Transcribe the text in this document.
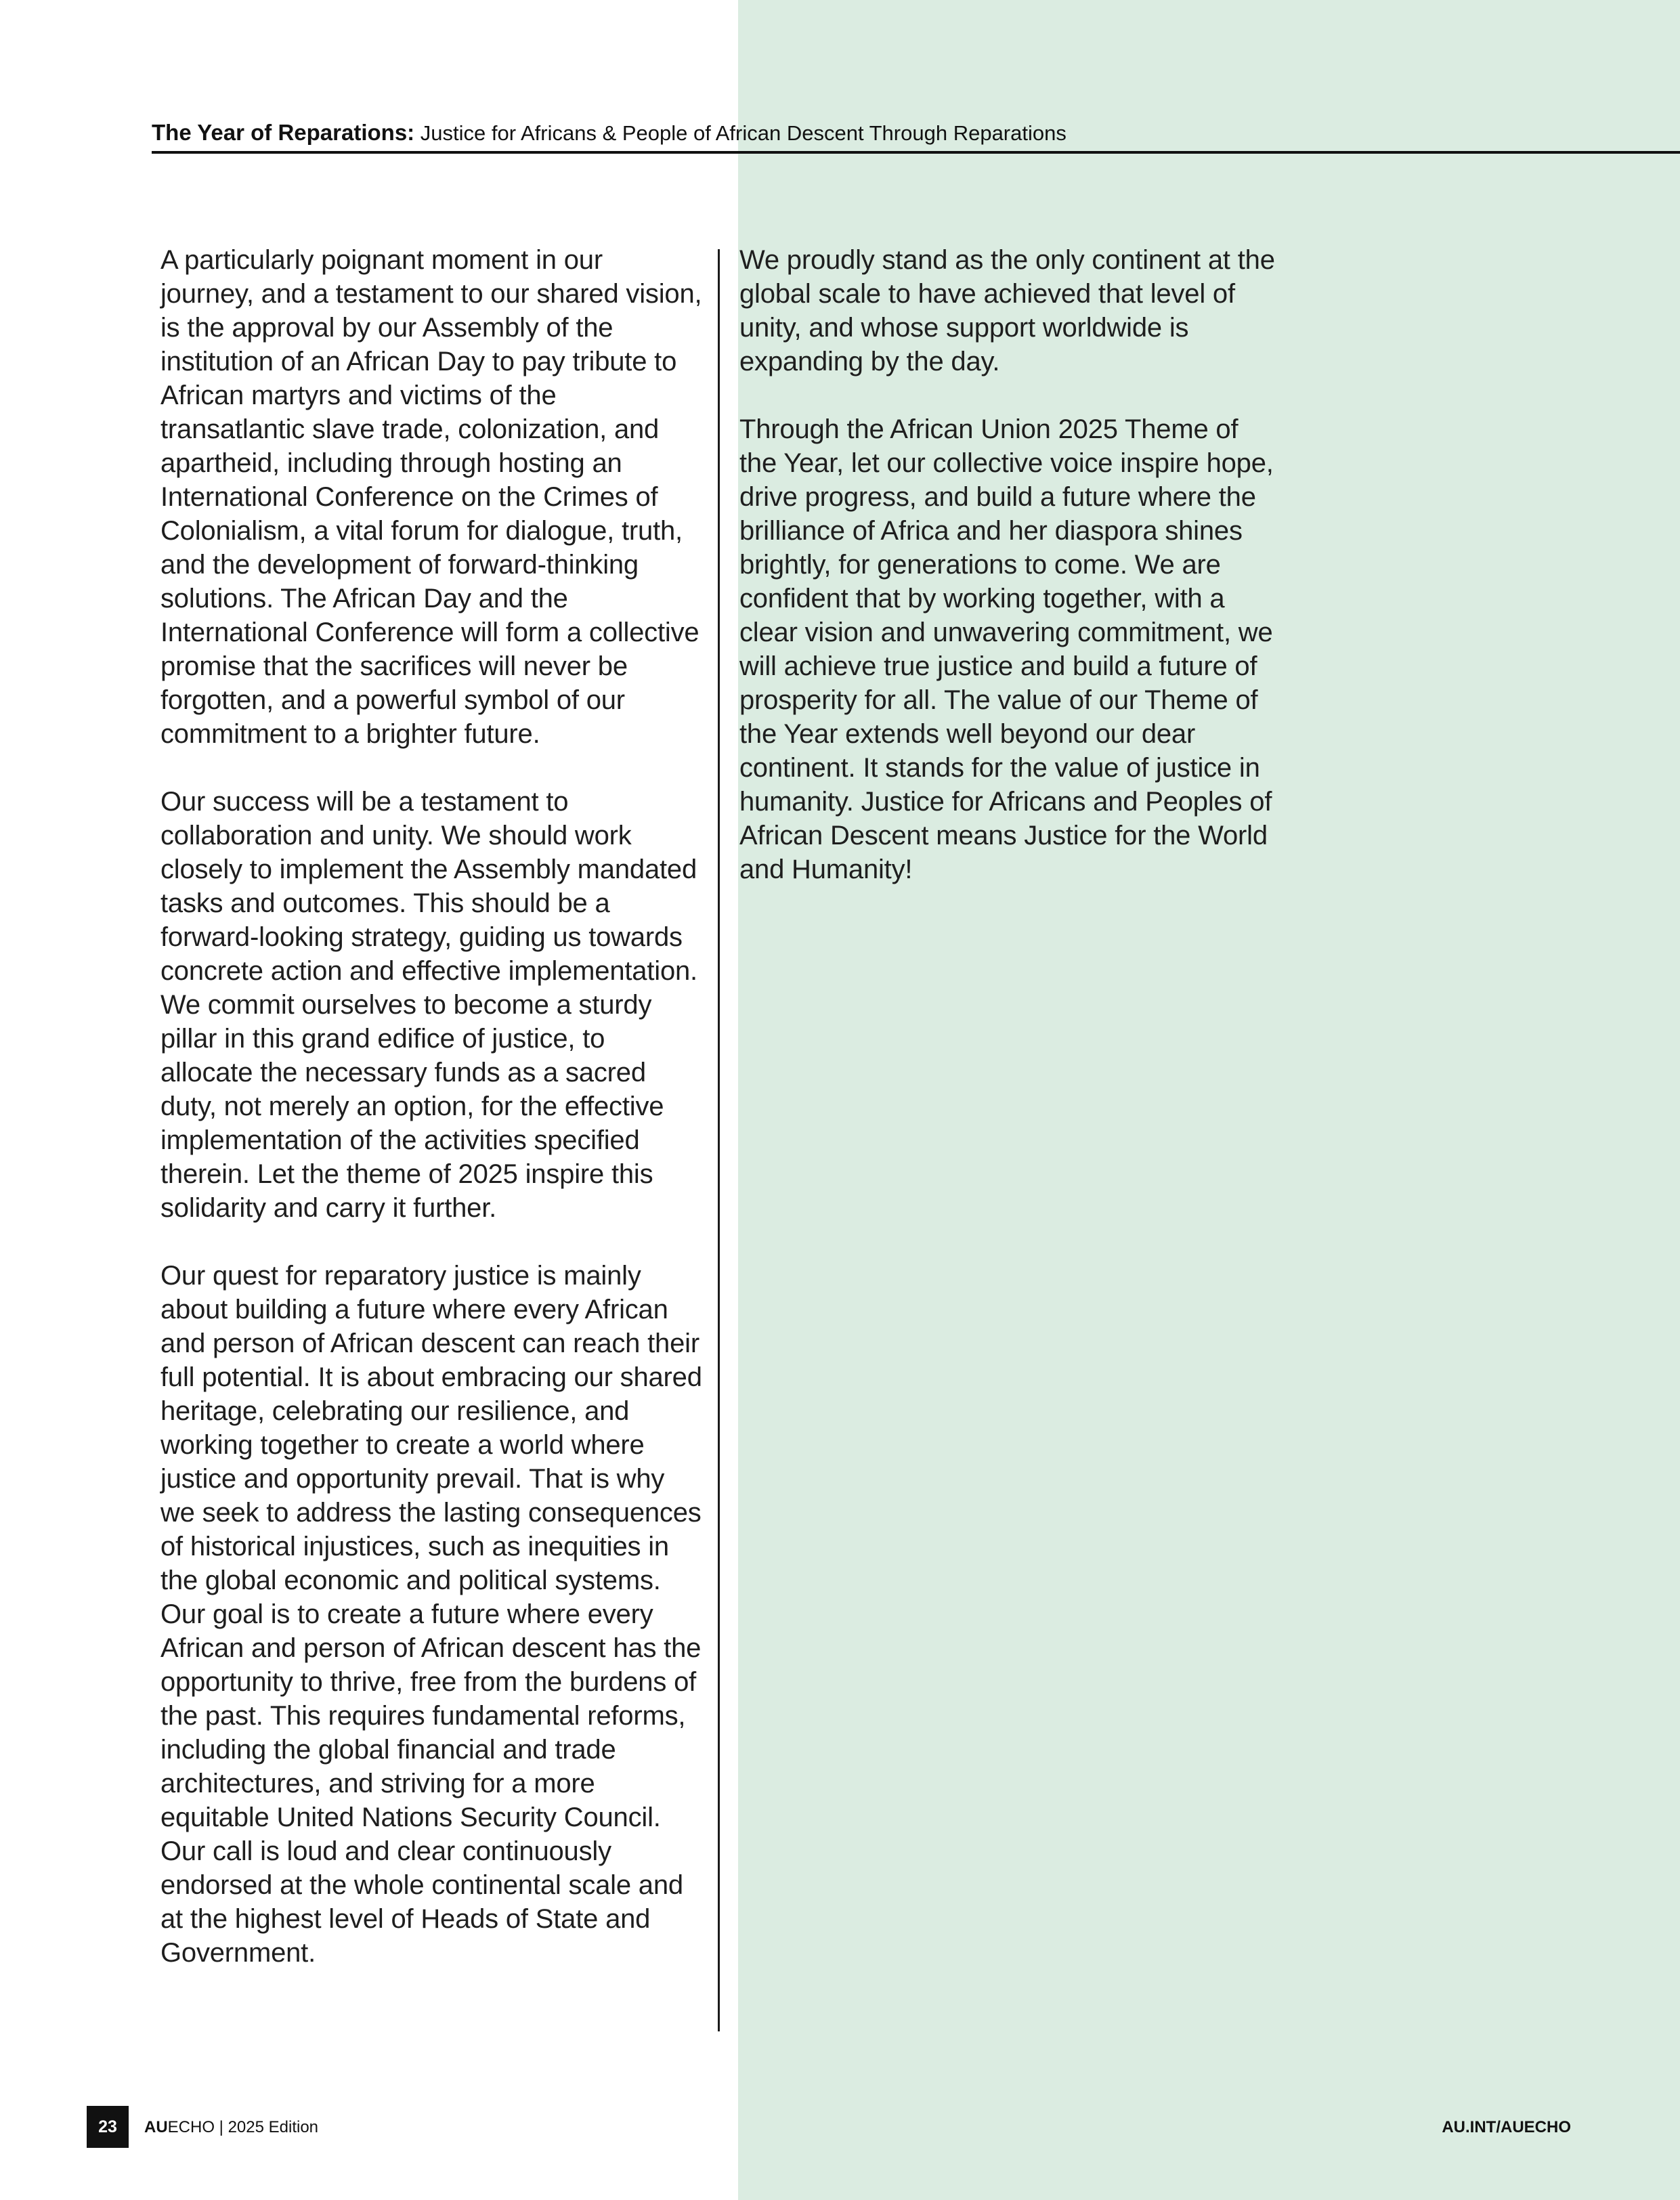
The Year of Reparations: Justice for Africans & People of African Descent Through Reparations

A particularly poignant moment in our journey, and a testament to our shared vision, is the approval by our Assembly of the institution of an African Day to pay tribute to African martyrs and victims of the transatlantic slave trade, colonization, and apartheid, including through hosting an International Conference on the Crimes of Colonialism, a vital forum for dialogue, truth, and the development of forward-thinking solutions. The African Day and the International Conference will form a collective promise that the sacrifices will never be forgotten, and a powerful symbol of our commitment to a brighter future.

Our success will be a testament to collaboration and unity. We should work closely to implement the Assembly mandated tasks and outcomes. This should be a forward-looking strategy, guiding us towards concrete action and effective implementation. We commit ourselves to become a sturdy pillar in this grand edifice of justice, to allocate the necessary funds as a sacred duty, not merely an option, for the effective implementation of the activities specified therein. Let the theme of 2025 inspire this solidarity and carry it further.

Our quest for reparatory justice is mainly about building a future where every African and person of African descent can reach their full potential. It is about embracing our shared heritage, celebrating our resilience, and working together to create a world where justice and opportunity prevail. That is why we seek to address the lasting consequences of historical injustices, such as inequities in the global economic and political systems. Our goal is to create a future where every African and person of African descent has the opportunity to thrive, free from the burdens of the past. This requires fundamental reforms, including the global financial and trade architectures, and striving for a more equitable United Nations Security Council. Our call is loud and clear continuously endorsed at the whole continental scale and at the highest level of Heads of State and Government.

We proudly stand as the only continent at the global scale to have achieved that level of unity, and whose support worldwide is expanding by the day.

Through the African Union 2025 Theme of the Year, let our collective voice inspire hope, drive progress, and build a future where the brilliance of Africa and her diaspora shines brightly, for generations to come. We are confident that by working together, with a clear vision and unwavering commitment, we will achieve true justice and build a future of prosperity for all. The value of our Theme of the Year extends well beyond our dear continent. It stands for the value of justice in humanity. Justice for Africans and Peoples of African Descent means Justice for the World and Humanity!

23	AUECHO | 2025 Edition	AU.INT/AUECHO
